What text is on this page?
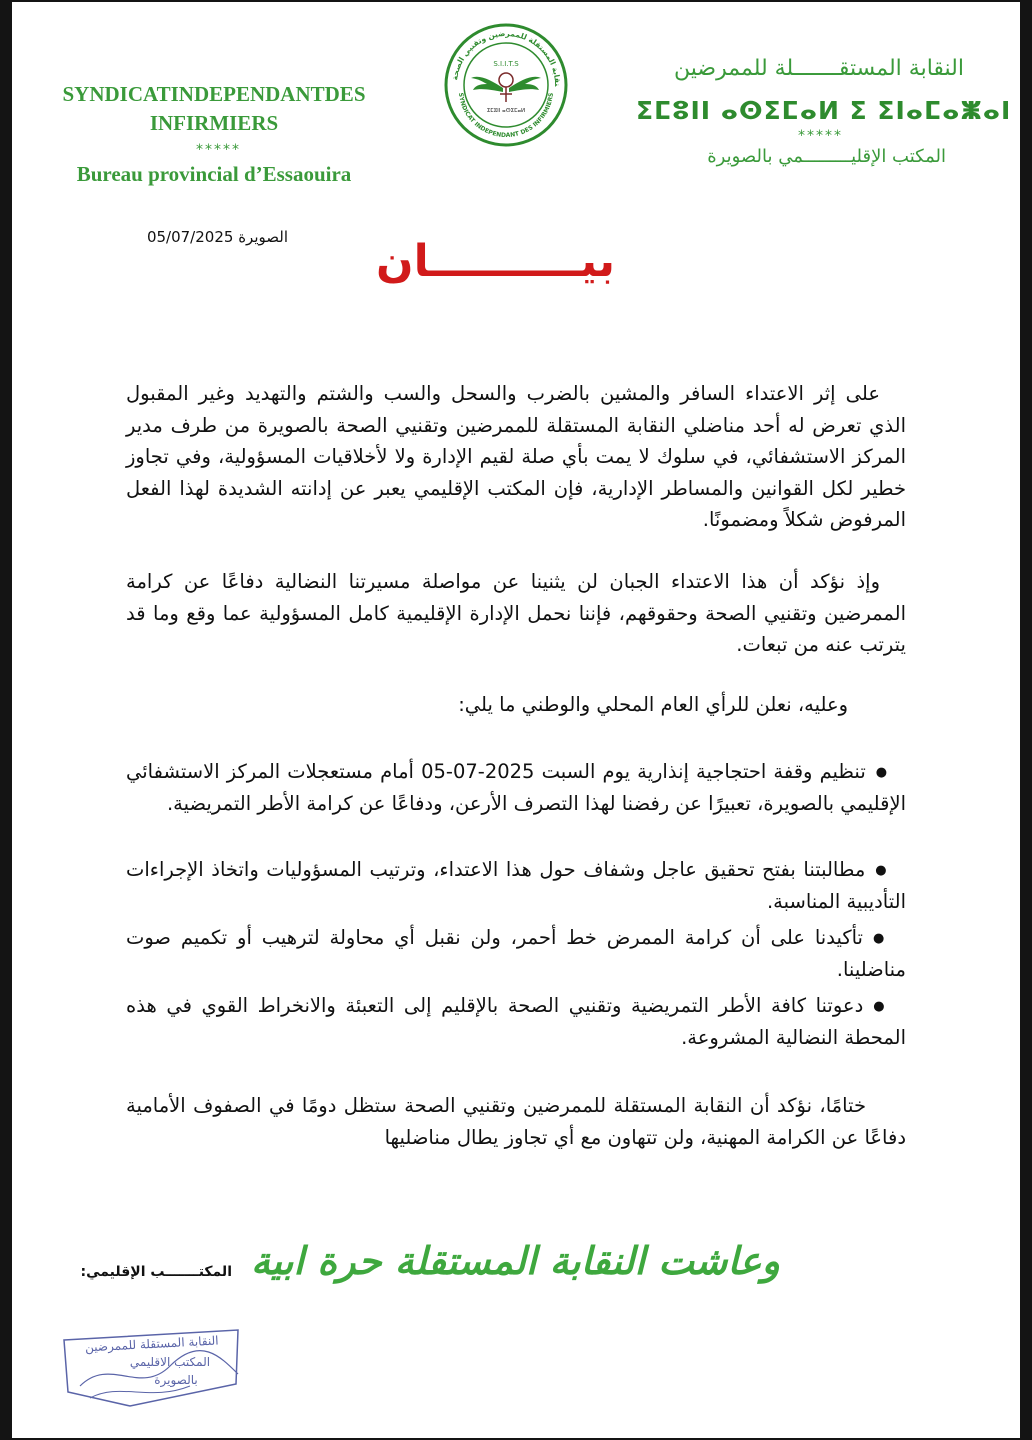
SYNDICATINDEPENDANTDES
INFIRMIERS
*****
Bureau provincial d’Essaouira
نقابة المستقلة للممرضين وتقنيي الصحة
SYNDICAT INDEPENDANT DES INFIRMIERS
S.I.I.T.S
ⵉⵎⵓⵏⵏ ⴰⵙⵉⵎⴰⵍ
النقابة المستقـــــــلة للممرضين
ⵉⵎⵓⵏⵏ ⴰⵙⵉⵎⴰⵍ ⵉ ⵉⵏⴰⵎⴰⵥⴰⵏ
*****
المكتب الإقليـــــــــمي بالصويرة
الصويرة 05/07/2025 بيــــــــــان
على إثر الاعتداء السافر والمشين بالضرب والسحل والسب والشتم والتهديد وغير المقبول الذي تعرض له أحد مناضلي النقابة المستقلة للممرضين وتقنيي الصحة بالصويرة من طرف مدير المركز الاستشفائي، في سلوك لا يمت بأي صلة لقيم الإدارة ولا لأخلاقيات المسؤولية، وفي تجاوز خطير لكل القوانين والمساطر الإدارية، فإن المكتب الإقليمي يعبر عن إدانته الشديدة لهذا الفعل المرفوض شكلاً ومضمونًا.
وإذ نؤكد أن هذا الاعتداء الجبان لن يثنينا عن مواصلة مسيرتنا النضالية دفاعًا عن كرامة الممرضين وتقنيي الصحة وحقوقهم، فإننا نحمل الإدارة الإقليمية كامل المسؤولية عما وقع وما قد يترتب عنه من تبعات.
وعليه، نعلن للرأي العام المحلي والوطني ما يلي:
● تنظيم وقفة احتجاجية إنذارية يوم السبت 2025-07-05 أمام مستعجلات المركز الاستشفائي الإقليمي بالصويرة، تعبيرًا عن رفضنا لهذا التصرف الأرعن، ودفاعًا عن كرامة الأطر التمريضية.
● مطالبتنا بفتح تحقيق عاجل وشفاف حول هذا الاعتداء، وترتيب المسؤوليات واتخاذ الإجراءات التأديبية المناسبة.
● تأكيدنا على أن كرامة الممرض خط أحمر، ولن نقبل أي محاولة لترهيب أو تكميم صوت مناضلينا.
● دعوتنا كافة الأطر التمريضية وتقنيي الصحة بالإقليم إلى التعبئة والانخراط القوي في هذه المحطة النضالية المشروعة.
ختامًا، نؤكد أن النقابة المستقلة للممرضين وتقنيي الصحة ستظل دومًا في الصفوف الأمامية دفاعًا عن الكرامة المهنية، ولن تتهاون مع أي تجاوز يطال مناضليها
وعاشت النقابة المستقلة حرة ابية
المكتـــــــب الإقليمي:
النقابة المستقلة للممرضين
المكتب الاقليمي
بالصويرة
